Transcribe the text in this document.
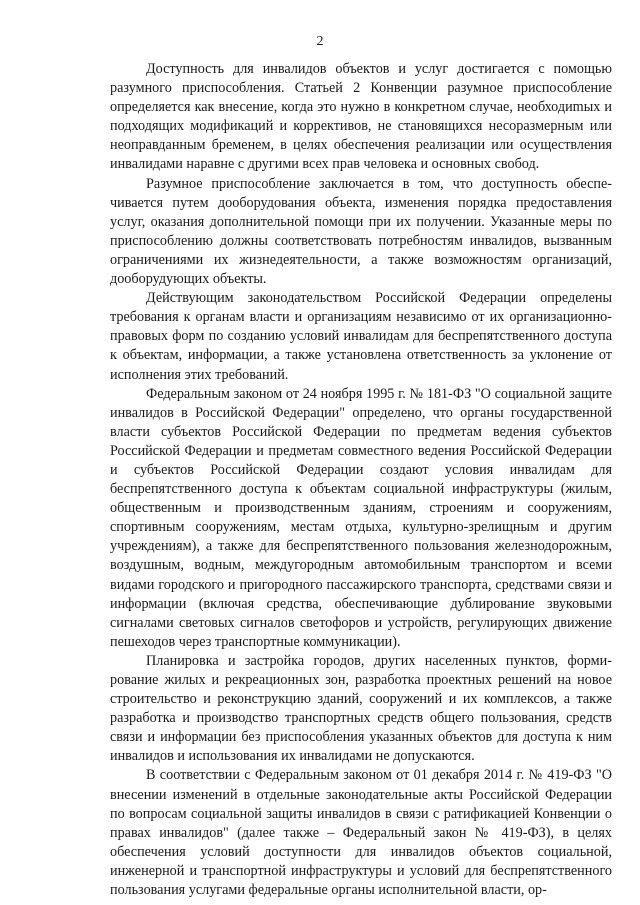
2

Доступность для инвалидов объектов и услуг достигается с помощью разумного приспособления. Статьей 2 Конвенции разумное приспособление определяется как внесение, когда это нужно в конкретном случае, необходиmых и подходящих модификаций и коррективов, не становящихся несоразмерным или неоправданным бременем, в целях обеспечения реализации или осуществления инвалидами наравне с другими всех прав человека и основных свобод.

Разумное приспособление заключается в том, что доступность обеспечивается путем дооборудования объекта, изменения порядка предоставления услуг, оказания дополнительной помощи при их получении. Указанные меры по приспособлению должны соответствовать потребностям инвалидов, вызванным ограничениями их жизнедеятельности, а также возможностям организаций, дооборудующих объекты.

Действующим законодательством Российской Федерации определены требования к органам власти и организациям независимо от их организационно-правовых форм по созданию условий инвалидам для беспрепятственного доступа к объектам, информации, а также установлена ответственность за уклонение от исполнения этих требований.

Федеральным законом от 24 ноября 1995 г. № 181-ФЗ "О социальной защите инвалидов в Российской Федерации" определено, что органы государственной власти субъектов Российской Федерации по предметам ведения субъектов Российской Федерации и предметам совместного ведения Российской Федерации и субъектов Российской Федерации создают условия инвалидам для беспрепятственного доступа к объектам социальной инфраструктуры (жилым, общественным и производственным зданиям, строениям и сооружениям, спортивным сооружениям, местам отдыха, культурно-зрелищным и другим учреждениям), а также для беспрепятственного пользования железнодорожным, воздушным, водным, междугородным автомобильным транспортом и всеми видами городского и пригородного пассажирского транспорта, средствами связи и информации (включая средства, обеспечивающие дублирование звуковыми сигналами световых сигналов светофоров и устройств, регулирующих движение пешеходов через транспортные коммуникации).

Планировка и застройка городов, других населенных пунктов, формирование жилых и рекреационных зон, разработка проектных решений на новое строительство и реконструкцию зданий, сооружений и их комплексов, а также разработка и производство транспортных средств общего пользования, средств связи и информации без приспособления указанных объектов для доступа к ним инвалидов и использования их инвалидами не допускаются.

В соответствии с Федеральным законом от 01 декабря 2014 г. № 419-ФЗ "О внесении изменений в отдельные законодательные акты Российской Федерации по вопросам социальной защиты инвалидов в связи с ратификацией Конвенции о правах инвалидов" (далее также – Федеральный закон № 419-ФЗ), в целях обеспечения условий доступности для инвалидов объектов социальной, инженерной и транспортной инфраструктуры и условий для беспрепятственного пользования услугами федеральные органы исполнительной власти, ор-
